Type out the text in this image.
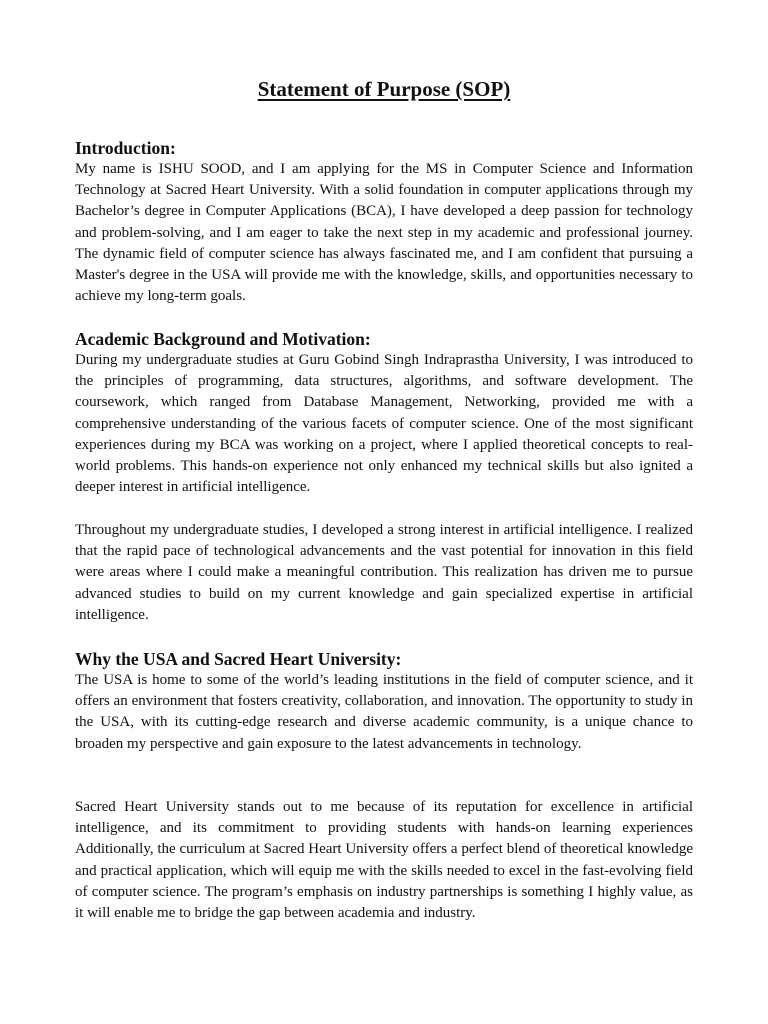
Statement of Purpose (SOP)
Introduction:

My name is ISHU SOOD, and I am applying for the MS in Computer Science and Information Technology at Sacred Heart University. With a solid foundation in computer applications through my Bachelor’s degree in Computer Applications (BCA), I have developed a deep passion for technology and problem-solving, and I am eager to take the next step in my academic and professional journey. The dynamic field of computer science has always fascinated me, and I am confident that pursuing a Master's degree in the USA will provide me with the knowledge, skills, and opportunities necessary to achieve my long-term goals.

Academic Background and Motivation:

During my undergraduate studies at Guru Gobind Singh Indraprastha University, I was introduced to the principles of programming, data structures, algorithms, and software development. The coursework, which ranged from Database Management, Networking, provided me with a comprehensive understanding of the various facets of computer science. One of the most significant experiences during my BCA was working on a project, where I applied theoretical concepts to real-world problems. This hands-on experience not only enhanced my technical skills but also ignited a deeper interest in artificial intelligence.

Throughout my undergraduate studies, I developed a strong interest in artificial intelligence. I realized that the rapid pace of technological advancements and the vast potential for innovation in this field were areas where I could make a meaningful contribution. This realization has driven me to pursue advanced studies to build on my current knowledge and gain specialized expertise in artificial intelligence.

Why the USA and Sacred Heart University:

The USA is home to some of the world’s leading institutions in the field of computer science, and it offers an environment that fosters creativity, collaboration, and innovation. The opportunity to study in the USA, with its cutting-edge research and diverse academic community, is a unique chance to broaden my perspective and gain exposure to the latest advancements in technology.

Sacred Heart University stands out to me because of its reputation for excellence in artificial intelligence, and its commitment to providing students with hands-on learning experiences Additionally, the curriculum at Sacred Heart University offers a perfect blend of theoretical knowledge and practical application, which will equip me with the skills needed to excel in the fast-evolving field of computer science. The program’s emphasis on industry partnerships is something I highly value, as it will enable me to bridge the gap between academia and industry.
